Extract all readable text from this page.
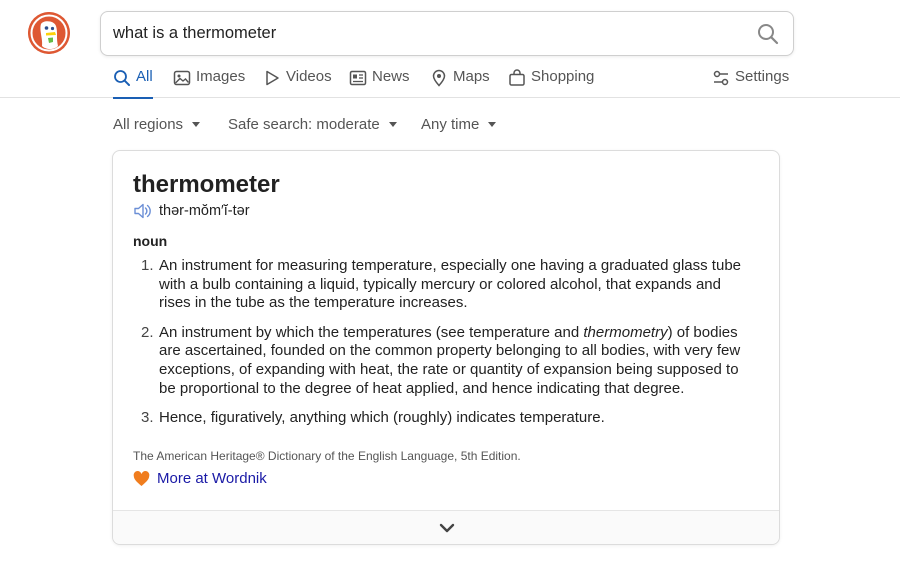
what is a thermometer
All	Images	Videos	News	Maps	Shopping	Settings
All regions	Safe search: moderate	Any time
thermometer
thər-mŏm′ĭ-tər
noun
1. An instrument for measuring temperature, especially one having a graduated glass tube with a bulb containing a liquid, typically mercury or colored alcohol, that expands and rises in the tube as the temperature increases.
2. An instrument by which the temperatures (see temperature and thermometry) of bodies are ascertained, founded on the common property belonging to all bodies, with very few exceptions, of expanding with heat, the rate or quantity of expansion being supposed to be proportional to the degree of heat applied, and hence indicating that degree.
3. Hence, figuratively, anything which (roughly) indicates temperature.
The American Heritage® Dictionary of the English Language, 5th Edition.
More at Wordnik
